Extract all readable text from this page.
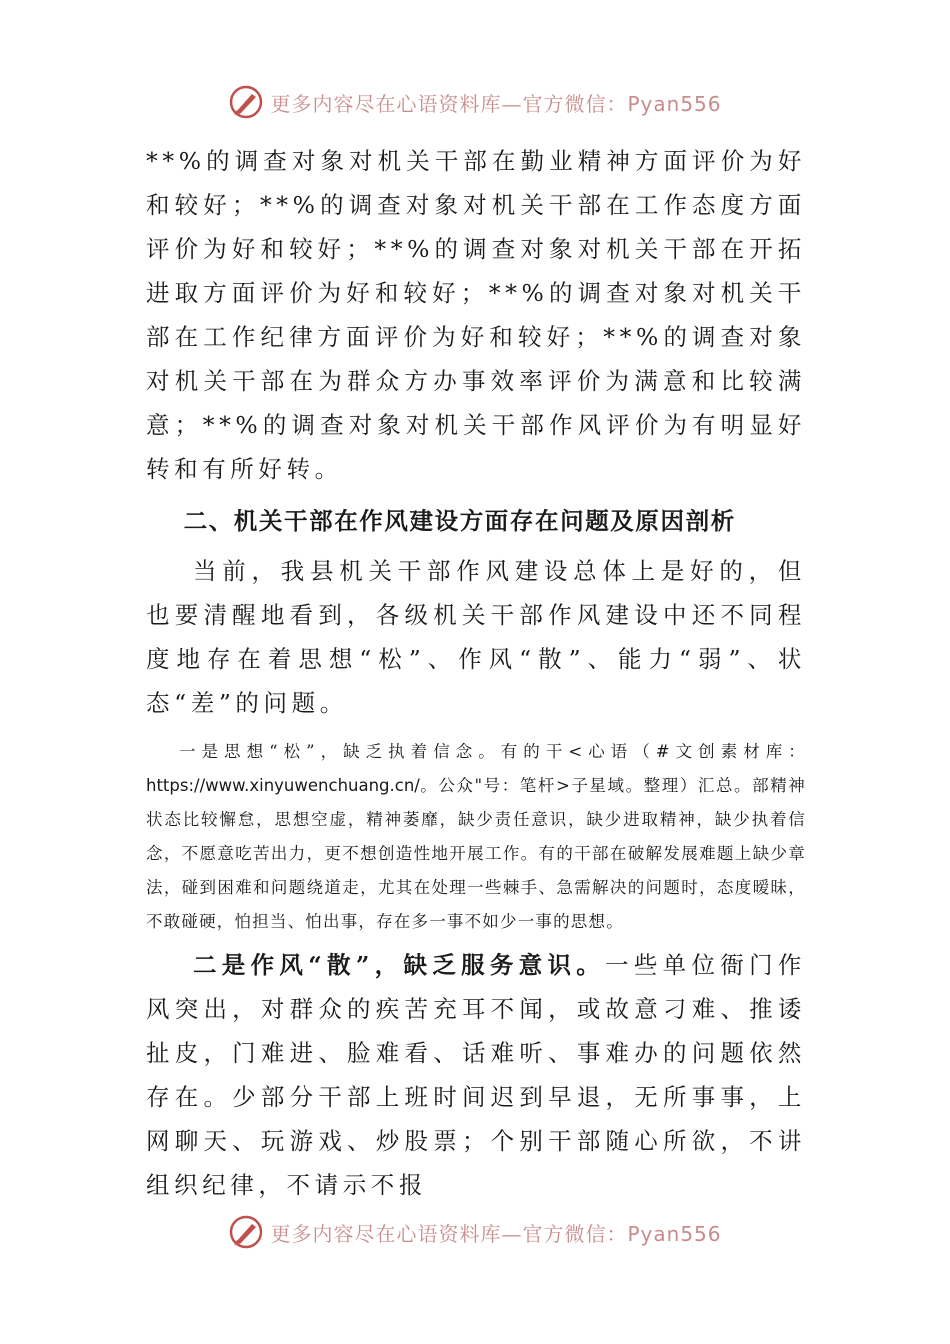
更多内容尽在心语资料库—官方微信：Pyan556

**%的调查对象对机关干部在勤业精神方面评价为好和较好；**%的调查对象对机关干部在工作态度方面评价为好和较好；**%的调查对象对机关干部在开拓进取方面评价为好和较好；**%的调查对象对机关干部在工作纪律方面评价为好和较好；**%的调查对象对机关干部在为群众方办事效率评价为满意和比较满意；**%的调查对象对机关干部作风评价为有明显好转和有所好转。

二、机关干部在作风建设方面存在问题及原因剖析

当前，我县机关干部作风建设总体上是好的，但也要清醒地看到，各级机关干部作风建设中还不同程度地存在着思想“松”、作风“散”、能力“弱”、状态“差”的问题。

一是思想“松”，缺乏执着信念。有的干<心语（#文创素材库：https://www.xinyuwenchuang.cn/。公众"号：笔杆>子星域。整理）汇总。部精神状态比较懈怠，思想空虚，精神萎靡，缺少责任意识，缺少进取精神，缺少执着信念，不愿意吃苦出力，更不想创造性地开展工作。有的干部在破解发展难题上缺少章法，碰到困难和问题绕道走，尤其在处理一些棘手、急需解决的问题时，态度暧昧，不敢碰硬，怕担当、怕出事，存在多一事不如少一事的思想。

二是作风“散”，缺乏服务意识。一些单位衙门作风突出，对群众的疾苦充耳不闻，或故意刁难、推诿扯皮，门难进、脸难看、话难听、事难办的问题依然存在。少部分干部上班时间迟到早退，无所事事，上网聊天、玩游戏、炒股票；个别干部随心所欲，不讲组织纪律，不请示不报

更多内容尽在心语资料库—官方微信：Pyan556
